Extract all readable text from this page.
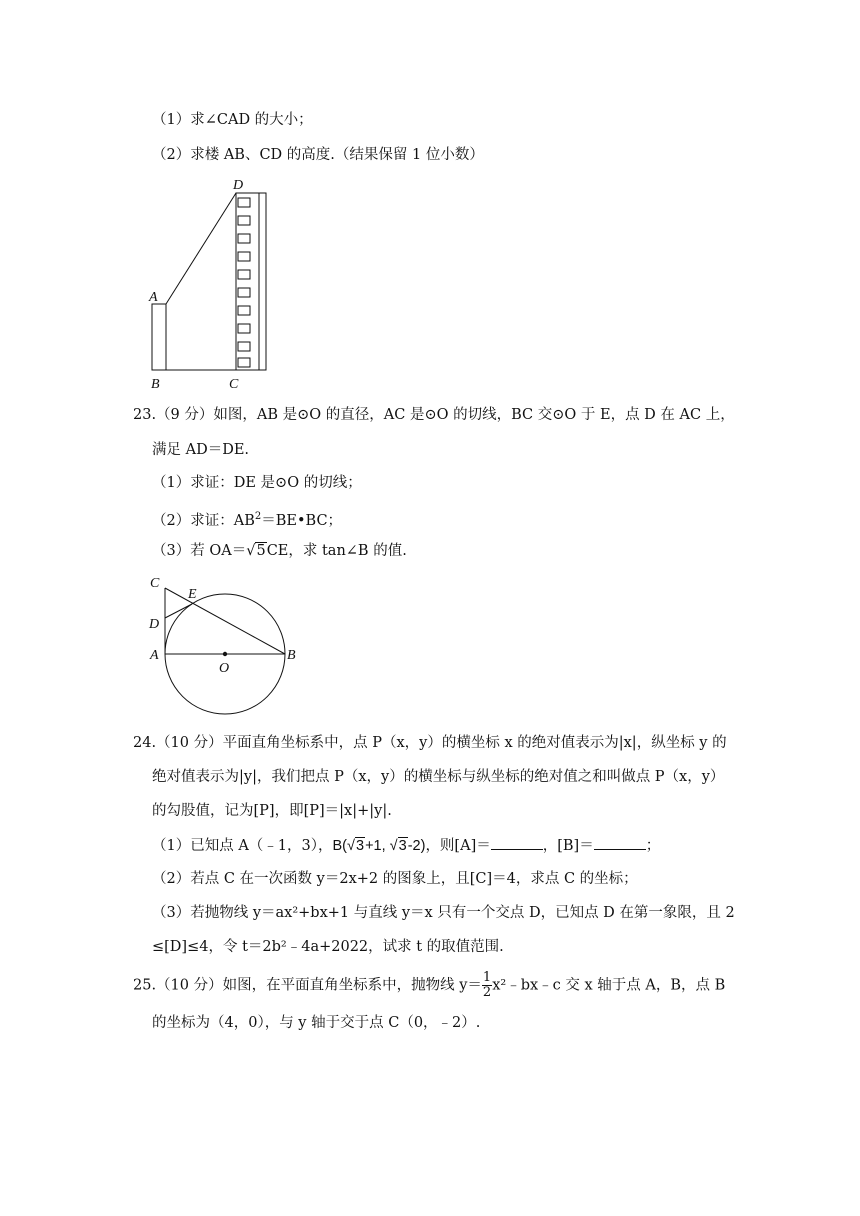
（1）求∠CAD 的大小；
（2）求楼 AB、CD 的高度.（结果保留 1 位小数）
D
A
B	C
23.（9 分）如图，AB 是⊙O 的直径，AC 是⊙O 的切线，BC 交⊙O 于 E，点 D 在 AC 上，
满足 AD＝DE.
（1）求证：DE 是⊙O 的切线；
（2）求证：$AB^2=BE•BC$；
（3）若 OA＝√5CE，求 tan∠B 的值.
C
E
D
A
O
B
24.（10 分）平面直角坐标系中，点 P（x，y）的横坐标 x 的绝对值表示为|x|，纵坐标 y 的
绝对值表示为|y|，我们把点 P（x，y）的横坐标与纵坐标的绝对值之和叫做点 P（x，y）
的勾股值，记为[P]，即[P]＝|x|+|y|.
（1）已知点 A（﹣1，3），B(√3+1, √3-2)，则[A]＝	，[B]＝	；
（2）若点 C 在一次函数 y＝2x+2 的图象上，且[C]＝4，求点 C 的坐标；
（3）若抛物线 y＝ax²+bx+1 与直线 y＝x 只有一个交点 D，已知点 D 在第一象限，且 2
≤[D]≤4，令 t＝2b²﹣4a+2022，试求 t 的取值范围.
25.（10 分）如图，在平面直角坐标系中，抛物线 $y= \frac{1}{2}$ x²﹣bx﹣c 交 x 轴于点 A，B，点 B
的坐标为（4，0），与 y 轴于交于点 C（0，﹣2）.
